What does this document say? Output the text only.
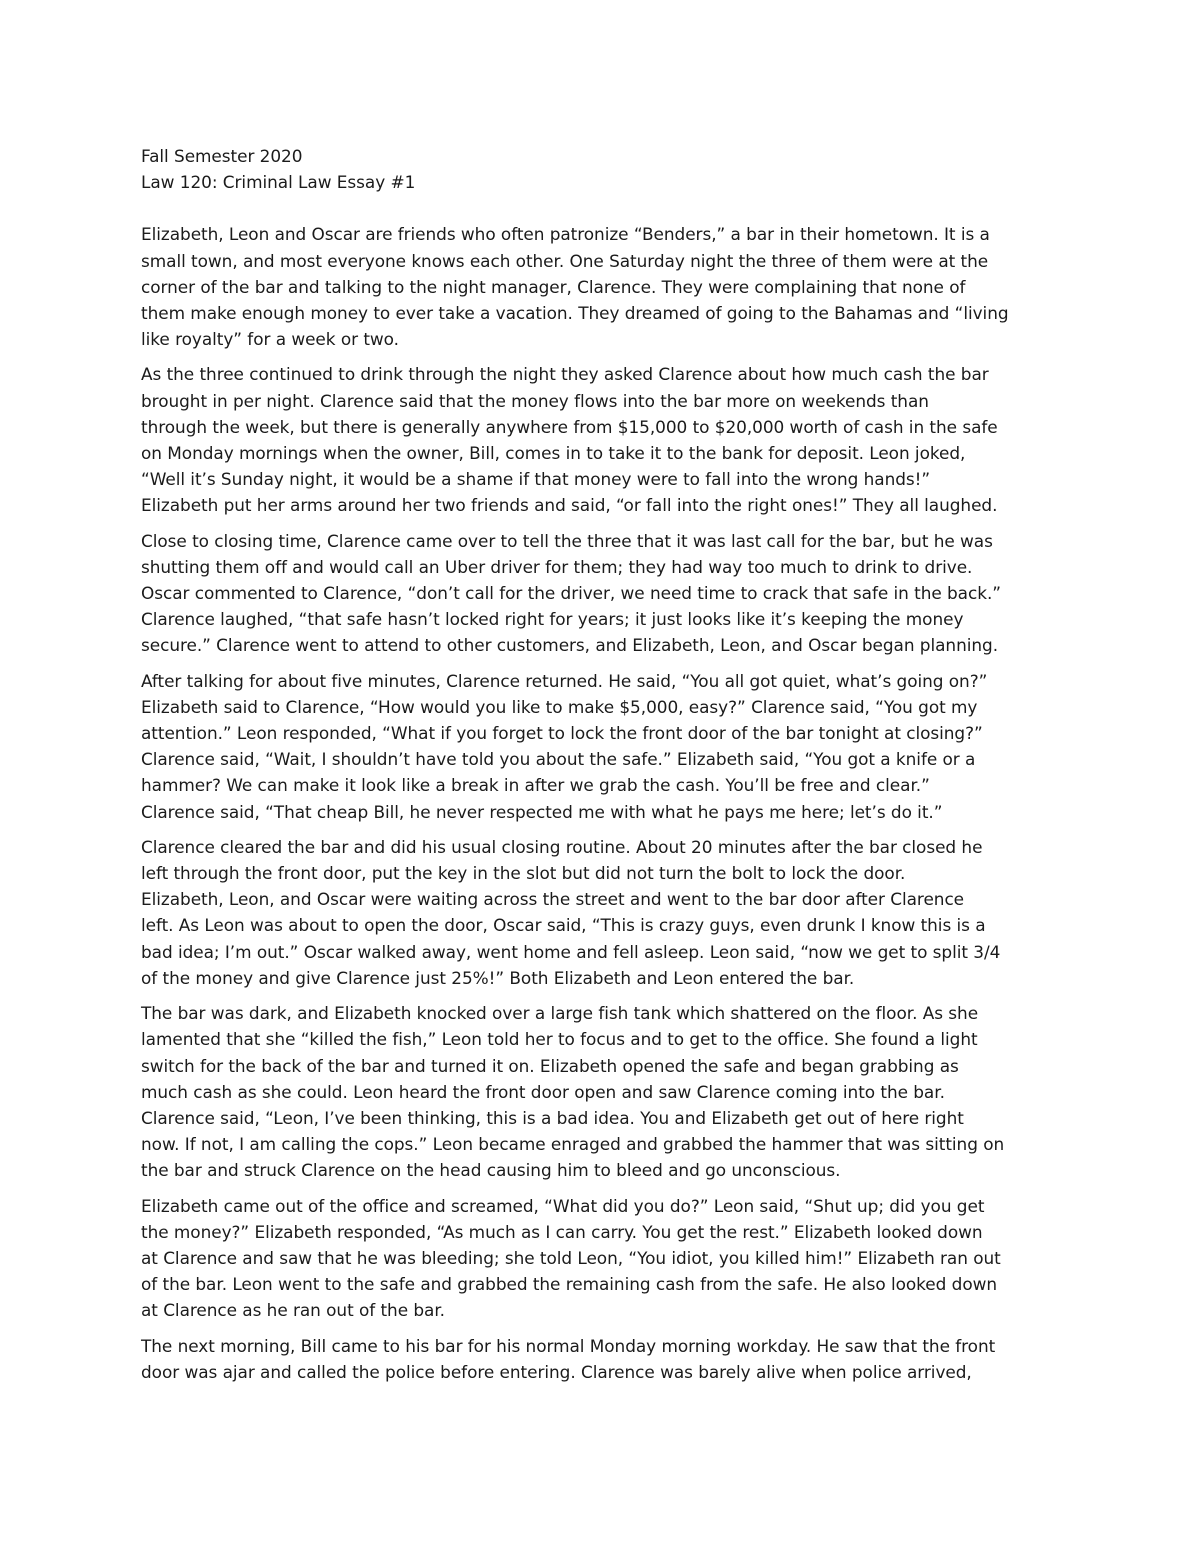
Fall Semester 2020

Law 120: Criminal Law Essay #1

Elizabeth, Leon and Oscar are friends who often patronize “Benders,” a bar in their hometown. It is a
small town, and most everyone knows each other. One Saturday night the three of them were at the
corner of the bar and talking to the night manager, Clarence. They were complaining that none of
them make enough money to ever take a vacation. They dreamed of going to the Bahamas and “living
like royalty” for a week or two.

As the three continued to drink through the night they asked Clarence about how much cash the bar
brought in per night. Clarence said that the money flows into the bar more on weekends than
through the week, but there is generally anywhere from $15,000 to $20,000 worth of cash in the safe
on Monday mornings when the owner, Bill, comes in to take it to the bank for deposit. Leon joked,
“Well it’s Sunday night, it would be a shame if that money were to fall into the wrong hands!”
Elizabeth put her arms around her two friends and said, “or fall into the right ones!” They all laughed.

Close to closing time, Clarence came over to tell the three that it was last call for the bar, but he was
shutting them off and would call an Uber driver for them; they had way too much to drink to drive.
Oscar commented to Clarence, “don’t call for the driver, we need time to crack that safe in the back.”
Clarence laughed, “that safe hasn’t locked right for years; it just looks like it’s keeping the money
secure.” Clarence went to attend to other customers, and Elizabeth, Leon, and Oscar began planning.

After talking for about five minutes, Clarence returned. He said, “You all got quiet, what’s going on?”
Elizabeth said to Clarence, “How would you like to make $5,000, easy?” Clarence said, “You got my
attention.” Leon responded, “What if you forget to lock the front door of the bar tonight at closing?”
Clarence said, “Wait, I shouldn’t have told you about the safe.” Elizabeth said, “You got a knife or a
hammer? We can make it look like a break in after we grab the cash. You’ll be free and clear.”
Clarence said, “That cheap Bill, he never respected me with what he pays me here; let’s do it.”

Clarence cleared the bar and did his usual closing routine. About 20 minutes after the bar closed he
left through the front door, put the key in the slot but did not turn the bolt to lock the door.
Elizabeth, Leon, and Oscar were waiting across the street and went to the bar door after Clarence
left. As Leon was about to open the door, Oscar said, “This is crazy guys, even drunk I know this is a
bad idea; I’m out.” Oscar walked away, went home and fell asleep. Leon said, “now we get to split 3/4
of the money and give Clarence just 25%!” Both Elizabeth and Leon entered the bar.

The bar was dark, and Elizabeth knocked over a large fish tank which shattered on the floor. As she
lamented that she “killed the fish,” Leon told her to focus and to get to the office. She found a light
switch for the back of the bar and turned it on. Elizabeth opened the safe and began grabbing as
much cash as she could. Leon heard the front door open and saw Clarence coming into the bar.
Clarence said, “Leon, I’ve been thinking, this is a bad idea. You and Elizabeth get out of here right
now. If not, I am calling the cops.” Leon became enraged and grabbed the hammer that was sitting on
the bar and struck Clarence on the head causing him to bleed and go unconscious.

Elizabeth came out of the office and screamed, “What did you do?” Leon said, “Shut up; did you get
the money?” Elizabeth responded, “As much as I can carry. You get the rest.” Elizabeth looked down
at Clarence and saw that he was bleeding; she told Leon, “You idiot, you killed him!” Elizabeth ran out
of the bar. Leon went to the safe and grabbed the remaining cash from the safe. He also looked down
at Clarence as he ran out of the bar.

The next morning, Bill came to his bar for his normal Monday morning workday. He saw that the front
door was ajar and called the police before entering. Clarence was barely alive when police arrived,
